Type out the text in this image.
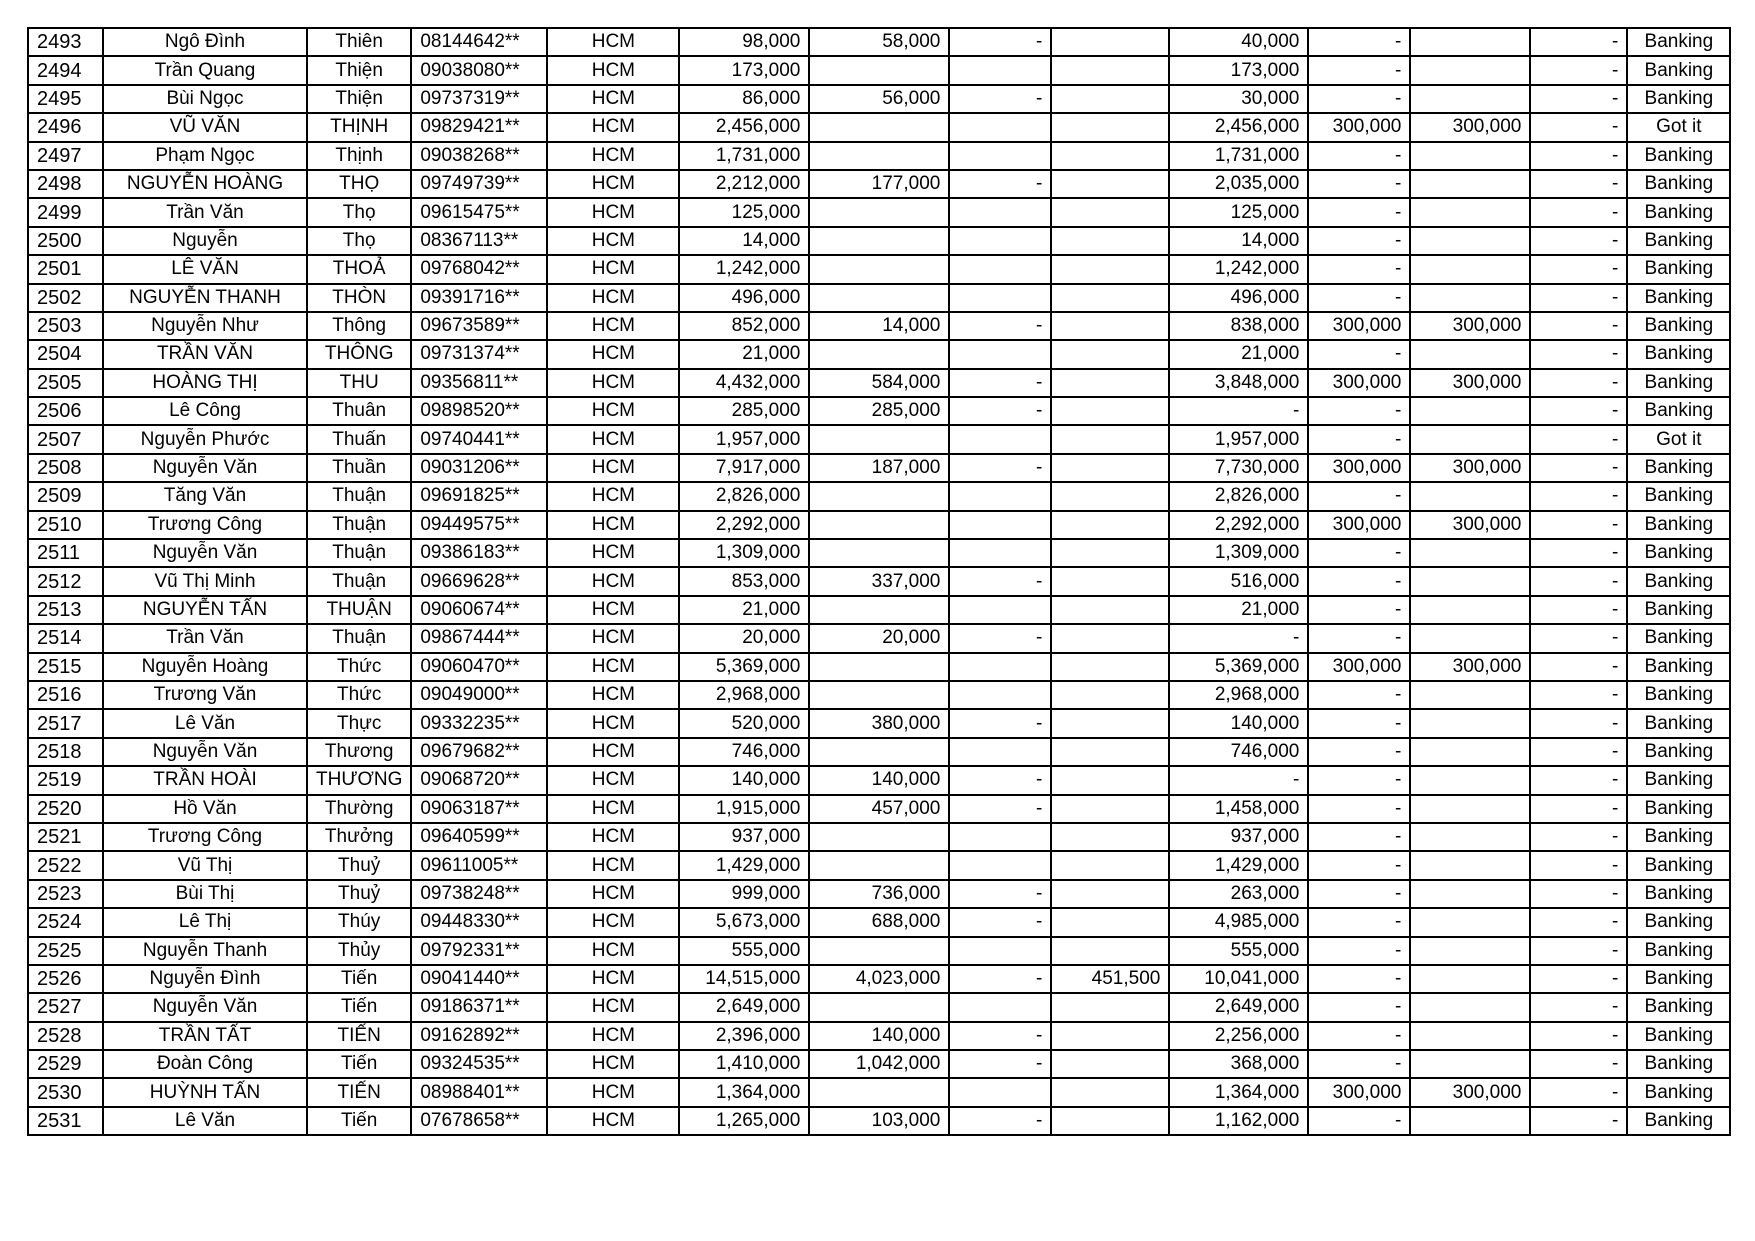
2493	Ngô Đình	Thiên	08144642**	HCM	98,000	58,000	-		40,000	-		-	Banking
2494	Trần Quang	Thiện	09038080**	HCM	173,000				173,000	-		-	Banking
2495	Bùi Ngọc	Thiện	09737319**	HCM	86,000	56,000	-		30,000	-		-	Banking
2496	VŨ VĂN	THỊNH	09829421**	HCM	2,456,000				2,456,000	300,000	300,000	-	Got it
2497	Phạm Ngọc	Thịnh	09038268**	HCM	1,731,000				1,731,000	-		-	Banking
2498	NGUYỄN HOÀNG	THỌ	09749739**	HCM	2,212,000	177,000	-		2,035,000	-		-	Banking
2499	Trần Văn	Thọ	09615475**	HCM	125,000				125,000	-		-	Banking
2500	Nguyễn	Thọ	08367113**	HCM	14,000				14,000	-		-	Banking
2501	LÊ VĂN	THOẢ	09768042**	HCM	1,242,000				1,242,000	-		-	Banking
2502	NGUYỄN THANH	THÒN	09391716**	HCM	496,000				496,000	-		-	Banking
2503	Nguyễn Như	Thông	09673589**	HCM	852,000	14,000	-		838,000	300,000	300,000	-	Banking
2504	TRẦN VĂN	THÔNG	09731374**	HCM	21,000				21,000	-		-	Banking
2505	HOÀNG THỊ	THU	09356811**	HCM	4,432,000	584,000	-		3,848,000	300,000	300,000	-	Banking
2506	Lê Công	Thuân	09898520**	HCM	285,000	285,000	-		-	-		-	Banking
2507	Nguyễn Phước	Thuấn	09740441**	HCM	1,957,000				1,957,000	-		-	Got it
2508	Nguyễn Văn	Thuần	09031206**	HCM	7,917,000	187,000	-		7,730,000	300,000	300,000	-	Banking
2509	Tăng Văn	Thuận	09691825**	HCM	2,826,000				2,826,000	-		-	Banking
2510	Trương Công	Thuận	09449575**	HCM	2,292,000				2,292,000	300,000	300,000	-	Banking
2511	Nguyễn Văn	Thuận	09386183**	HCM	1,309,000				1,309,000	-		-	Banking
2512	Vũ Thị Minh	Thuận	09669628**	HCM	853,000	337,000	-		516,000	-		-	Banking
2513	NGUYỄN TẤN	THUẬN	09060674**	HCM	21,000				21,000	-		-	Banking
2514	Trần Văn	Thuận	09867444**	HCM	20,000	20,000	-		-	-		-	Banking
2515	Nguyễn Hoàng	Thức	09060470**	HCM	5,369,000				5,369,000	300,000	300,000	-	Banking
2516	Trương Văn	Thức	09049000**	HCM	2,968,000				2,968,000	-		-	Banking
2517	Lê Văn	Thực	09332235**	HCM	520,000	380,000	-		140,000	-		-	Banking
2518	Nguyễn Văn	Thương	09679682**	HCM	746,000				746,000	-		-	Banking
2519	TRẦN HOÀI	THƯƠNG	09068720**	HCM	140,000	140,000	-		-	-		-	Banking
2520	Hồ Văn	Thường	09063187**	HCM	1,915,000	457,000	-		1,458,000	-		-	Banking
2521	Trương Công	Thưởng	09640599**	HCM	937,000				937,000	-		-	Banking
2522	Vũ Thị	Thuỷ	09611005**	HCM	1,429,000				1,429,000	-		-	Banking
2523	Bùi Thị	Thuỷ	09738248**	HCM	999,000	736,000	-		263,000	-		-	Banking
2524	Lê Thị	Thúy	09448330**	HCM	5,673,000	688,000	-		4,985,000	-		-	Banking
2525	Nguyễn Thanh	Thủy	09792331**	HCM	555,000				555,000	-		-	Banking
2526	Nguyễn Đình	Tiến	09041440**	HCM	14,515,000	4,023,000	-	451,500	10,041,000	-		-	Banking
2527	Nguyễn Văn	Tiến	09186371**	HCM	2,649,000				2,649,000	-		-	Banking
2528	TRẦN TẤT	TIẾN	09162892**	HCM	2,396,000	140,000	-		2,256,000	-		-	Banking
2529	Đoàn Công	Tiến	09324535**	HCM	1,410,000	1,042,000	-		368,000	-		-	Banking
2530	HUỲNH TẤN	TIẾN	08988401**	HCM	1,364,000				1,364,000	300,000	300,000	-	Banking
2531	Lê Văn	Tiến	07678658**	HCM	1,265,000	103,000	-		1,162,000	-		-	Banking
